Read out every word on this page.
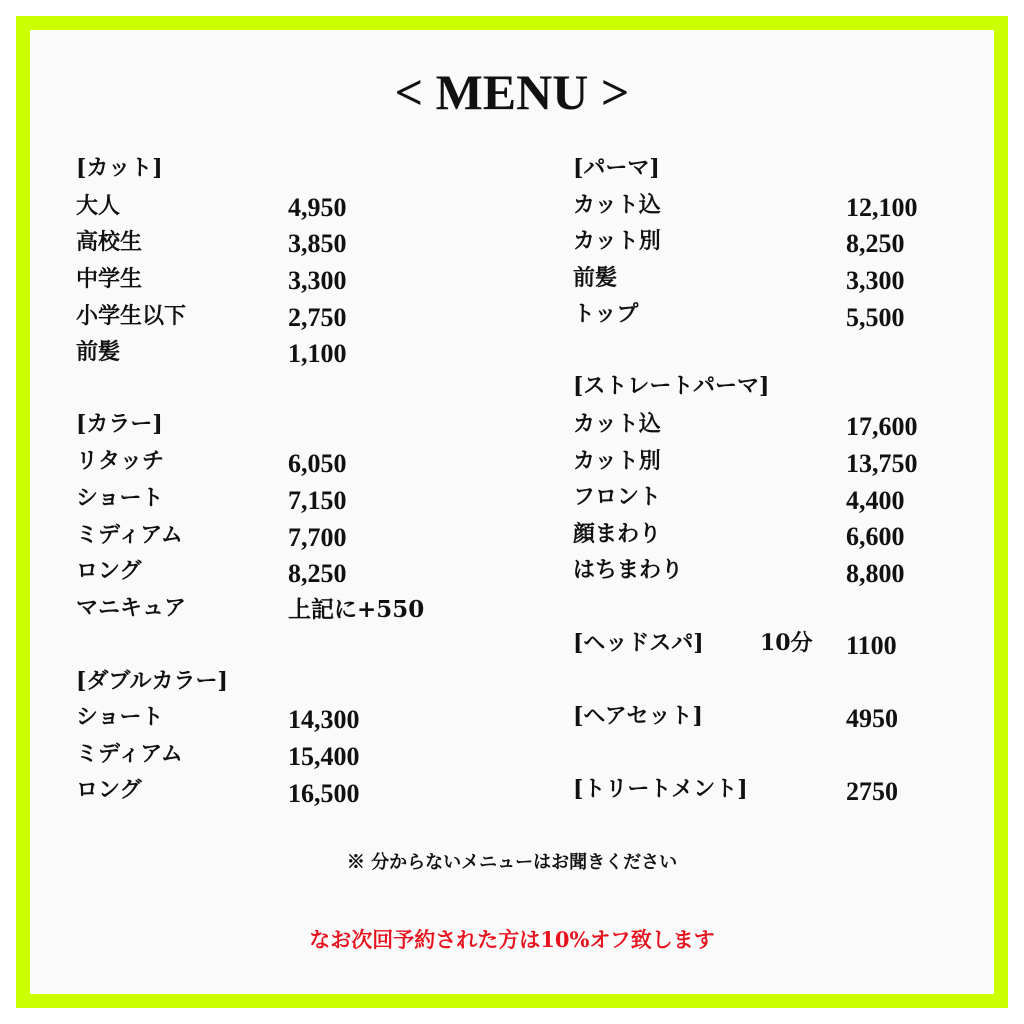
< MENU >
[カット]
大人	4,950
高校生	3,850
中学生	3,300
小学生以下	2,750
前髪	1,100
[カラー]
リタッチ	6,050
ショート	7,150
ミディアム	7,700
ロング	8,250
マニキュア	上記に+550
[ダブルカラー]
ショート	14,300
ミディアム	15,400
ロング	16,500
[パーマ]
カット込	12,100
カット別	8,250
前髪	3,300
トップ	5,500
[ストレートパーマ]
カット込	17,600
カット別	13,750
フロント	4,400
顔まわり	6,600
はちまわり	8,800
[ヘッドスパ]	10分 1100
[ヘアセット]	4950
[トリートメント]	2750
※ 分からないメニューはお聞きください
なお次回予約された方は10%オフ致します
